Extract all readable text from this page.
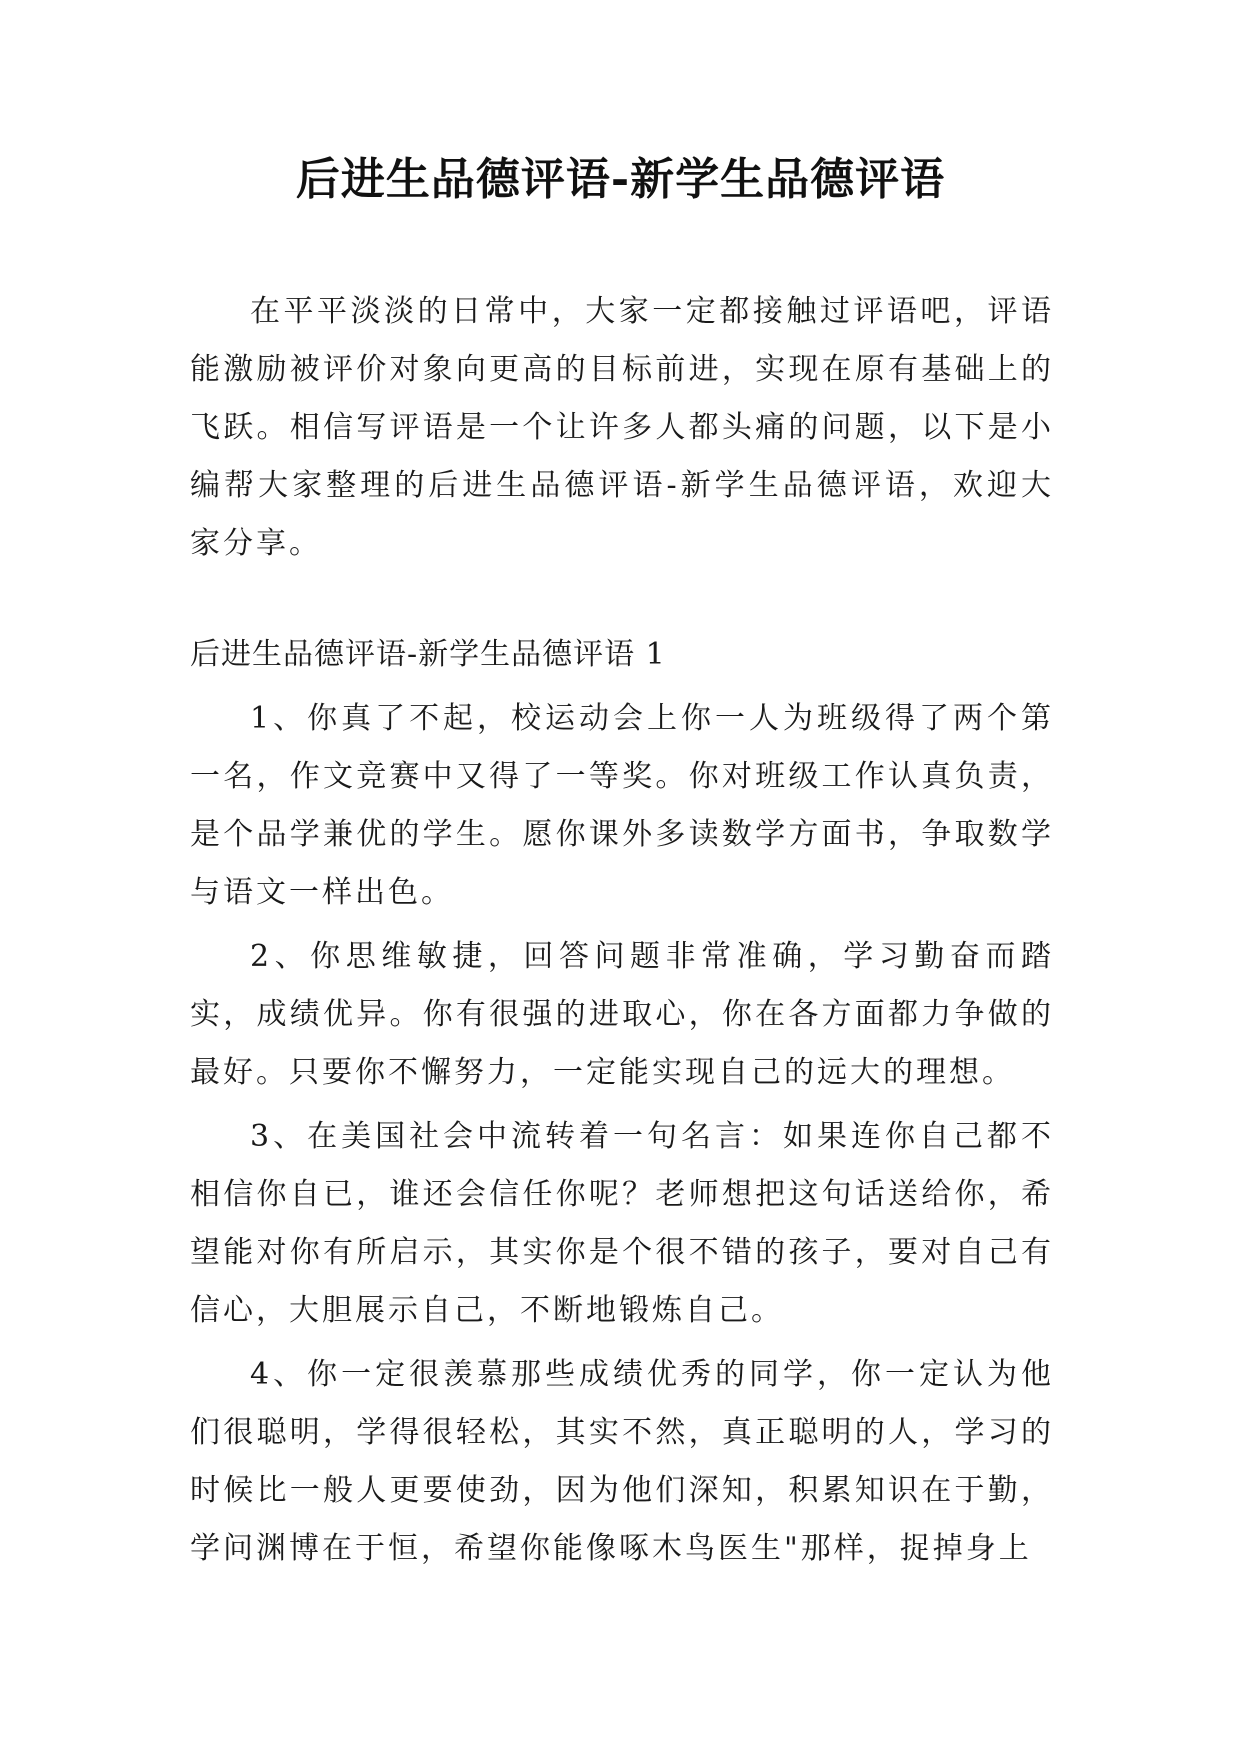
后进生品德评语-新学生品德评语

在平平淡淡的日常中，大家一定都接触过评语吧，评语能激励被评价对象向更高的目标前进，实现在原有基础上的飞跃。相信写评语是一个让许多人都头痛的问题，以下是小编帮大家整理的后进生品德评语-新学生品德评语，欢迎大家分享。

后进生品德评语-新学生品德评语 1

1、你真了不起，校运动会上你一人为班级得了两个第一名，作文竞赛中又得了一等奖。你对班级工作认真负责，是个品学兼优的学生。愿你课外多读数学方面书，争取数学与语文一样出色。

2、你思维敏捷，回答问题非常准确，学习勤奋而踏实，成绩优异。你有很强的进取心，你在各方面都力争做的最好。只要你不懈努力，一定能实现自己的远大的理想。

3、在美国社会中流转着一句名言：如果连你自己都不相信你自已，谁还会信任你呢？老师想把这句话送给你，希望能对你有所启示，其实你是个很不错的孩子，要对自己有信心，大胆展示自己，不断地锻炼自己。

4、你一定很羡慕那些成绩优秀的同学，你一定认为他们很聪明，学得很轻松，其实不然，真正聪明的人，学习的时候比一般人更要使劲，因为他们深知，积累知识在于勤，学问渊博在于恒，希望你能像啄木鸟医生"那样，捉掉身上
